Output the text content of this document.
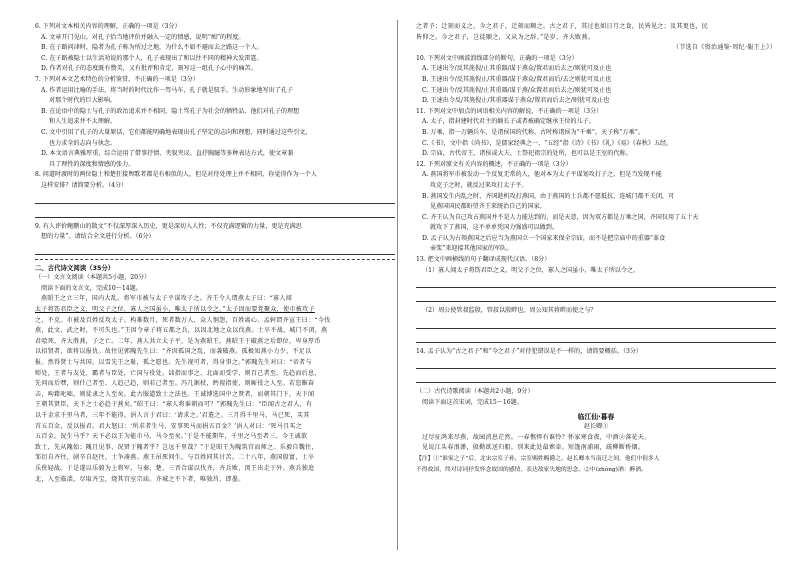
6. 下列对文本相关内容的理解，正确的一项是（3分）
A. 文章开门见山，对孔子恰当地评价并融入一定的情感，说明“痴”的程度。
B. 在子路问津时，隐者为孔子称为所过之地，为什么不如不避而去之路这一个人。
C. 在子路被隐士以生活劝说的那个人，孔子表现出了和以往不同的精神大发雷霆。
D. 作者对孔子的态度既有赞美，又有批评和肯定，刻写这一组孔子心中的痛苦。
7. 下列对本文艺术特色的分析鉴赏，不正确的一项是（3分）
A. 作者运用比喻的手法，将当时的时代比作一驾马车，孔子就是驭手，生动形象地写出了孔子
对那个时代的巨大影响。
B. 在论语中的隐士与孔子的政治追求并不相同，隐士骂孔子为社会的牺牲品，他们对孔子的理想
和人生追求并不太理解。
C. 文中引用了孔子的大量原话，它们都能明确地表现出孔子坚定的志向和理想，同时通过这些引文，
也力求全的志向与执念。
D. 本文语言典雅厚重，综合运用了借事抒情、夹叙夹议、直抒胸臆等多种表达方式，使文章兼
具了理性的深度和情感的张力。
8. 问道时渡时的两位隐士和楚狂接舆歌者都是有相似的人，但是对待处理上并不相同，你觉得作为一个人
这样安排？请简要分析。（4分）
9. 有人评价鲍鹏山的散文“不仅深厚深入历史，更是深切入人性；不仅充满逻辑的力量，更是充满思
想的力量”。请结合全文进行分析。（6分）
二、古代诗文阅读（35分）
（一）文言文阅读（本题共5小题，20分）
阅读下面的文言文，完成10～14题。
燕昭王之立三年，国内大乱。将军市被与太子平谋攻子之。齐王令人谓燕太子曰：“寡人闻
太子将饬君臣之义，明父子之位，寡人之国虽小，唯太子所以令之。”太子因而要党聚众，使市被攻子
之，不克。市被及百姓反攻太子。构难数月，死者数万人，众人恫怨，百姓离心。孟轲谓齐宣王曰：“今伐
燕，此文、武之时，不可失也。”王因令章子将五都之兵，以因北地之众以伐燕。士卒不战，城门不闭，燕
君哙死，齐大胜燕，子之亡。二年，燕人共立太子平，是为燕昭王。燕昭王于破燕之后即位，卑身厚币
以招贤者，欲将以报仇。故往见郭隗先生曰：“齐因孤国之乱，而袭破燕。孤极知燕小力少，不足以
报。然得贤士与共国，以雪先王之耻，孤之愿也。先生视可者，得身事之。”郭隗先生对曰：“帝者与
师处，王者与友处，霸者与臣处，亡国与役处。诎指而事之，北面而受学，则百己者至。先趋而后息，
先问而后嘿，则什己者至。人趋己趋，则若己者至。冯几据杖，眄视指使，则厮役之人至。若恣睢奋
击，呴藉叱咄，则徒隶之人至矣。此古服道致士之法也。王诚博选国中之贤者，而朝其门下，天下闻
王朝其贤臣，天下之士必趋于燕矣。”昭王曰：“寡人将谁朝而可？”郭隗先生曰：“臣闻古之君人，有
以千金求千里马者，三年不能得。涓人言于君曰：‘请求之。’君遣之。三月得千里马，马已死，买其
首五百金，反以报君。君大怒曰：‘所求者生马，安事死马而捐五百金？’涓人对曰：‘死马且买之
五百金，况生马乎？天下必以王为能市马，马今至矣。’于是不能期年，千里之马至者三。今王诚欲
致士，先从隗始；隗且见事，况贤于隗者乎？岂远千里哉？”于是昭王为隗筑宫而师之。乐毅自魏往，
邹衍自齐往，剧辛自赵往，士争凑燕。燕王吊死问生，与百姓同其甘苦。二十八年，燕国殷富，士卒
乐佚轻战。于是遂以乐毅为上将军，与秦、楚、三晋合谋以伐齐，齐兵败，闵王出走于外。燕兵独追
北，入至临淄，尽取齐宝，烧其宫室宗庙。齐城之不下者，唯独莒、即墨。
之者予；迁刻而义之，今之君子，迁刻而顺之。古之君子，其过也如日月之食，民皆见之；及其更也，民
皆仰之。今之君子，岂徒顺之，又从为之辞。”是岁，齐大败燕。
（节选自《资治通鉴·周纪·赧王上》）
10. 下列对文中画波浪线部分的断句，正确的一项是（3分）
A. 王速出令/反其旄倪/止其重器/谋于燕众/置君而后去之/则犹可及止也
B. 王速出令/反其旄倪止/其重器/谋于燕众/置君而后/去之则犹可及止也
C. 王速出令/反其旄倪/止其重器/谋于燕/众置君而后去之/则犹可及止也
D. 王速出令反/其旄倪止/其重器谋于燕众/置君而后去之/则犹可及止也
11. 下列对文中加点的词语相关内容的解说，不正确的一项是（3分）
A. 太子，指封建时代君主的嫡长子或者被确定继承王位的儿子。
B. 万乘，指一万辆兵车，是诸侯国的代称，古时称诸侯为“千乘”，天子称“万乘”。
C.《书》，文中指《尚书》，是儒家经典之一，“五经”指《诗》《书》《礼》《易》《春秋》五经。
D. 宗庙，古代帝王、诸侯或大夫、士祭祀祖宗的处所，也可以是王室的代称。
12. 下列对原文有关内容的概述，不正确的一项是（3分）
A. 燕国将军市被发动一个反复无常的人，他对本为太子平谋划攻打子之，但是当发现不能
攻克子之时，就反过来攻打太子平。
B. 燕国发生内乱之时，齐国趁机攻打燕国，由于燕国的士兵都不愿抵抗，连城门都不关闭，可
见燕国国民都盼望齐王来统治自己的国家。
C. 齐王认为自己攻占燕国并不是人力能达到的，而是天意，因为双方都是万乘之国，齐国仅用了五十天
就攻下了燕国，这不单单凭国力强盛可以做到。
D. 孟子认为占领燕国之后应当为燕国立一个国家来保全宗庙，而不是把宗庙中的重器“革食
壶浆”来迎接其他国家的军队。
13. 把文中画横线的句子翻译成现代汉语。（8分）
（1）寡人闻太子将饬君臣之义，明父子之位，寡人之国虽小，唯太子所以令之。
（2）周公使管叔监殷，管叔以殷畔也。周公知其将畔而使之与？
14. 孟子认为“古之君子”和“今之君子”对待犯错误是不一样的，请简要概括。（3分）
（二）古代诗歌阅读（本题共2小题，9分）
阅读下面这首宋词，完成15～16题。
临江仙·暮春
赵长卿①
过尽征鸿来尽燕，故园消息茫然。一春憔悴有谁怜？怀家寒食夜，中酒②落花天。
见说江头春浪渺，殷勤欲送归船。别来此处最萦牵。短篷南浦雨，疏柳断桥烟。
【注】①“谁家之子”后，北宋宗室子孙，宗室赐姓赐爵之。赵长卿本当南迁之间，他们中很多人
不得故国，终对诗词抒发怀念故国的感情，表达故家失地的思念。②中(zhòng)酒：醉酒。
